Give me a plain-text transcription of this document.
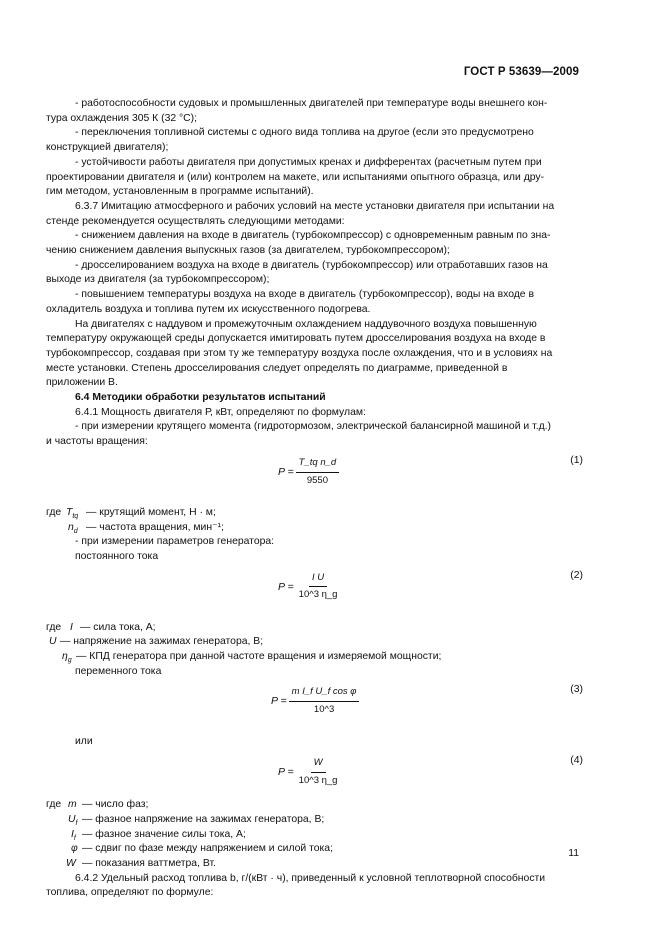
ГОСТ Р 53639—2009

- работоспособности судовых и промышленных двигателей при температуре воды внешнего кон-

тура охлаждения 305 К (32 °С);

- переключения топливной системы с одного вида топлива на другое (если это предусмотрено

конструкцией двигателя);

- устойчивости работы двигателя при допустимых кренах и дифферентах (расчетным путем при

проектировании двигателя и (или) контролем на макете, или испытаниями опытного образца, или дру-

гим методом, установленным в программе испытаний).

6.3.7 Имитацию атмосферного и рабочих условий на месте установки двигателя при испытании на

стенде рекомендуется осуществлять следующими методами:

- снижением давления на входе в двигатель (турбокомпрессор) с одновременным равным по зна-

чению снижением давления выпускных газов (за двигателем, турбокомпрессором);

- дросселированием воздуха на входе в двигатель (турбокомпрессор) или отработавших газов на

выходе из двигателя (за турбокомпрессором);

- повышением температуры воздуха на входе в двигатель (турбокомпрессор), воды на входе в

охладитель воздуха и топлива путем их искусственного подогрева.

На двигателях с наддувом и промежуточным охлаждением наддувочного воздуха повышенную

температуру окружающей среды допускается имитировать путем дросселирования воздуха на входе в

турбокомпрессор, создавая при этом ту же температуру воздуха после охлаждения, что и в условиях на

месте установки. Степень дросселирования следует определять по диаграмме, приведенной в

приложении В.

6.4 Методики обработки результатов испытаний

6.4.1 Мощность двигателя Р, кВт, определяют по формулам:

- при измерении крутящего момента (гидротормозом, электрической балансирной машиной и т.д.)

и частоты вращения:

$P = \frac{\text{T\_tq n\_d}}{9550}$	(1)
где $T_{tq}$ — крутящий момент, Н · м;
$n_d$ — частота вращения, мин⁻¹;

- при измерении параметров генератора:

постоянного тока

$P = \frac{\text{I U}}{10\^{}3 \eta\_g}$	(2)
где I — сила тока, А;
U — напряжение на зажимах генератора, В;
$\eta_g$ — КПД генератора при данной частоте вращения и измеряемой мощности;

переменного тока

$P = \frac{\text{m I\_f U\_f cos φ}}{10\^{}3}$	(3)

или

$P = \frac{W}{10\^{}3 \eta\_g}$	(4)
где m — число фаз;
$U_f$ — фазное напряжение на зажимах генератора, В;
$I_f$ — фазное значение силы тока, А;
φ — сдвиг по фазе между напряжением и силой тока;
W — показания ваттметра, Вт.

6.4.2 Удельный расход топлива b, г/(кВт · ч), приведенный к условной теплотворной способности

топлива, определяют по формуле:

11
